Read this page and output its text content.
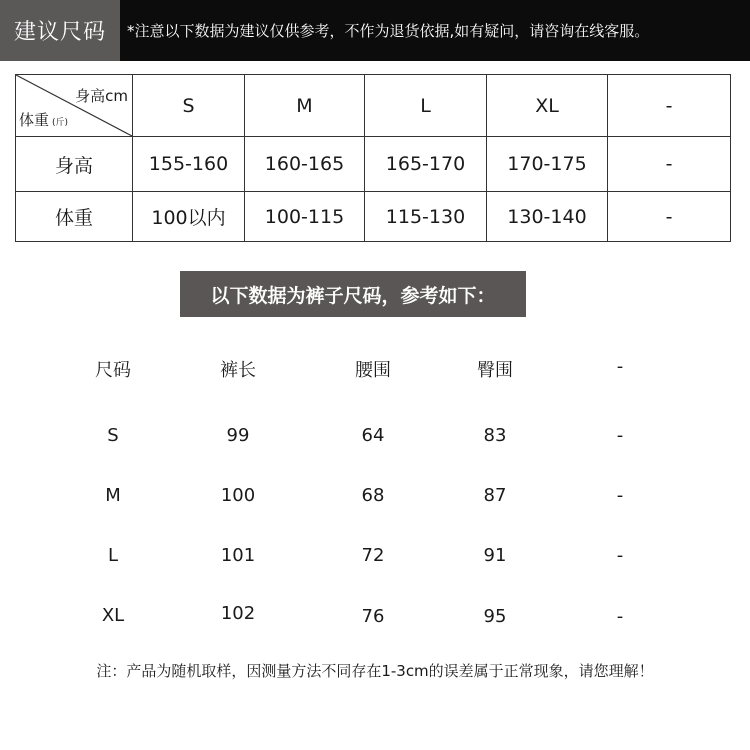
建议尺码	*注意以下数据为建议仅供参考，不作为退货依据,如有疑问，请咨询在线客服。
身高cm
体重 (斤)	S	M	L	XL	-
身高	155-160	160-165	165-170	170-175	-
体重	100以内	100-115	115-130	130-140	-
以下数据为裤子尺码，参考如下：
尺码	裤长	腰围	臀围	-
S	99	64	83	-
M	100	68	87	-
L	101	72	91	-
XL	102	76	95	-
注：产品为随机取样，因测量方法不同存在1-3cm的误差属于正常现象，请您理解！
